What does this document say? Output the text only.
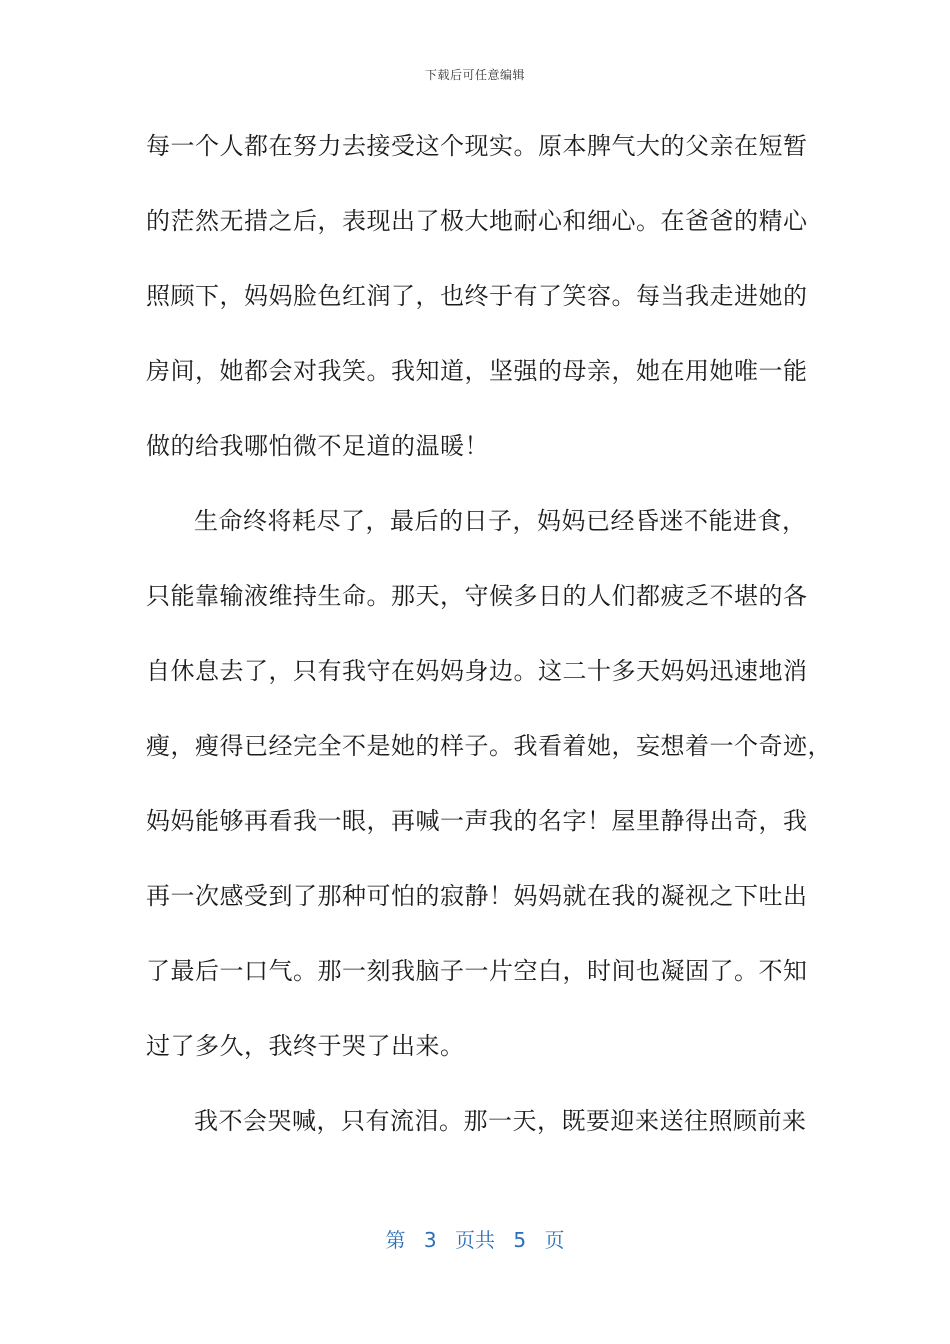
下载后可任意编辑
每一个人都在努力去接受这个现实。原本脾气大的父亲在短暂
的茫然无措之后，表现出了极大地耐心和细心。在爸爸的精心
照顾下，妈妈脸色红润了，也终于有了笑容。每当我走进她的
房间，她都会对我笑。我知道，坚强的母亲，她在用她唯一能
做的给我哪怕微不足道的温暖！
生命终将耗尽了，最后的日子，妈妈已经昏迷不能进食，
只能靠输液维持生命。那天，守候多日的人们都疲乏不堪的各
自休息去了，只有我守在妈妈身边。这二十多天妈妈迅速地消
瘦，瘦得已经完全不是她的样子。我看着她，妄想着一个奇迹，
妈妈能够再看我一眼，再喊一声我的名字！屋里静得出奇，我
再一次感受到了那种可怕的寂静！妈妈就在我的凝视之下吐出
了最后一口气。那一刻我脑子一片空白，时间也凝固了。不知
过了多久，我终于哭了出来。
我不会哭喊，只有流泪。那一天，既要迎来送往照顾前来
第 3 页共 5 页
